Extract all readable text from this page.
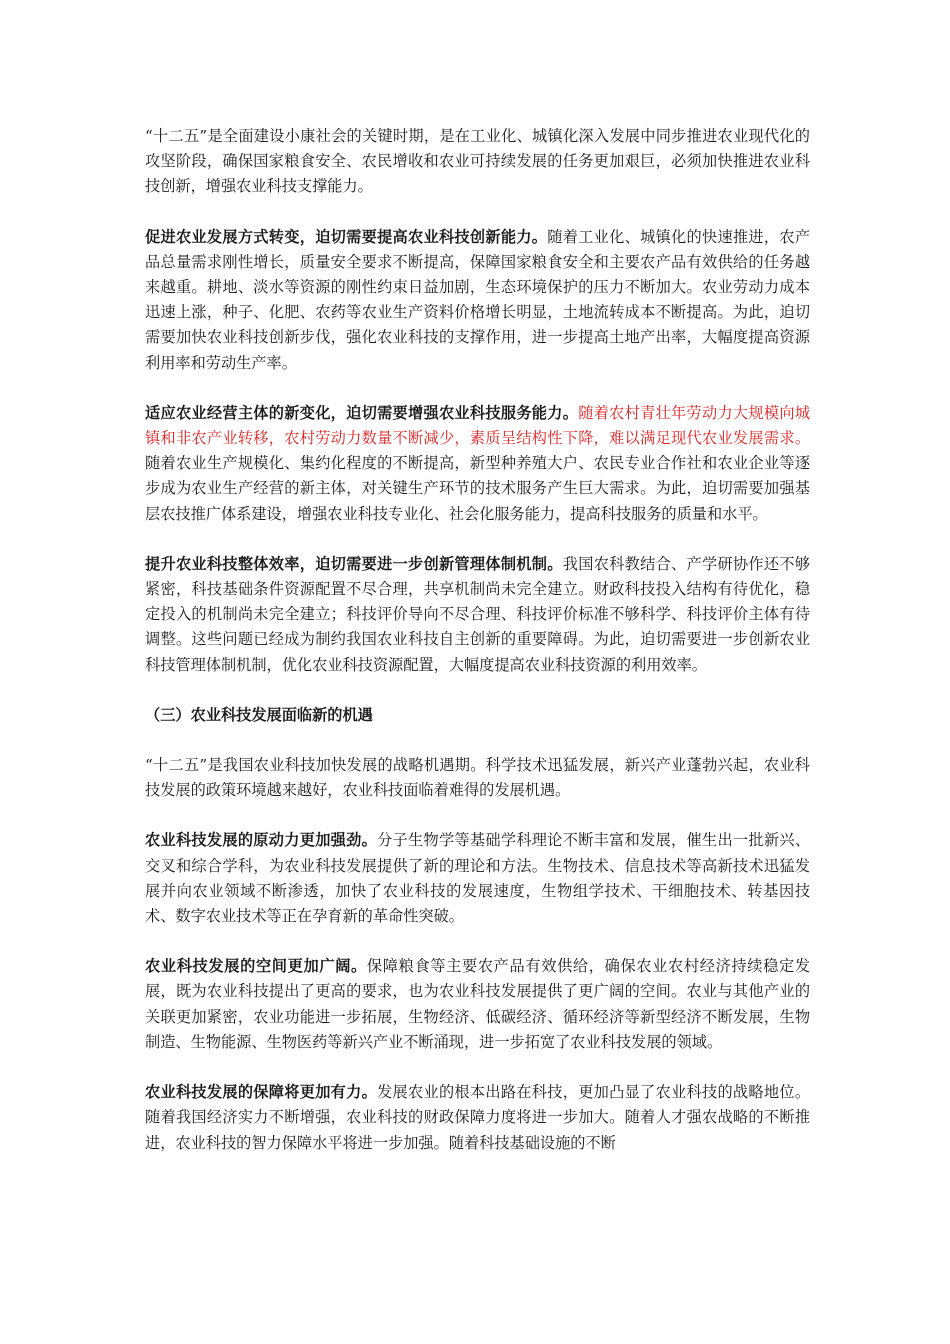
“十二五”是全面建设小康社会的关键时期，是在工业化、城镇化深入发展中同步推进农业现代化的攻坚阶段，确保国家粮食安全、农民增收和农业可持续发展的任务更加艰巨，必须加快推进农业科技创新，增强农业科技支撑能力。

促进农业发展方式转变，迫切需要提高农业科技创新能力。随着工业化、城镇化的快速推进，农产品总量需求刚性增长，质量安全要求不断提高，保障国家粮食安全和主要农产品有效供给的任务越来越重。耕地、淡水等资源的刚性约束日益加剧，生态环境保护的压力不断加大。农业劳动力成本迅速上涨，种子、化肥、农药等农业生产资料价格增长明显，土地流转成本不断提高。为此，迫切需要加快农业科技创新步伐，强化农业科技的支撑作用，进一步提高土地产出率，大幅度提高资源利用率和劳动生产率。

适应农业经营主体的新变化，迫切需要增强农业科技服务能力。随着农村青壮年劳动力大规模向城镇和非农产业转移，农村劳动力数量不断减少，素质呈结构性下降，难以满足现代农业发展需求。随着农业生产规模化、集约化程度的不断提高，新型种养殖大户、农民专业合作社和农业企业等逐步成为农业生产经营的新主体，对关键生产环节的技术服务产生巨大需求。为此，迫切需要加强基层农技推广体系建设，增强农业科技专业化、社会化服务能力，提高科技服务的质量和水平。

提升农业科技整体效率，迫切需要进一步创新管理体制机制。我国农科教结合、产学研协作还不够紧密，科技基础条件资源配置不尽合理，共享机制尚未完全建立。财政科技投入结构有待优化，稳定投入的机制尚未完全建立；科技评价导向不尽合理、科技评价标准不够科学、科技评价主体有待调整。这些问题已经成为制约我国农业科技自主创新的重要障碍。为此，迫切需要进一步创新农业科技管理体制机制，优化农业科技资源配置，大幅度提高农业科技资源的利用效率。

（三）农业科技发展面临新的机遇

“十二五”是我国农业科技加快发展的战略机遇期。科学技术迅猛发展，新兴产业蓬勃兴起，农业科技发展的政策环境越来越好，农业科技面临着难得的发展机遇。

农业科技发展的原动力更加强劲。分子生物学等基础学科理论不断丰富和发展，催生出一批新兴、交叉和综合学科，为农业科技发展提供了新的理论和方法。生物技术、信息技术等高新技术迅猛发展并向农业领域不断渗透，加快了农业科技的发展速度，生物组学技术、干细胞技术、转基因技术、数字农业技术等正在孕育新的革命性突破。

农业科技发展的空间更加广阔。保障粮食等主要农产品有效供给，确保农业农村经济持续稳定发展，既为农业科技提出了更高的要求，也为农业科技发展提供了更广阔的空间。农业与其他产业的关联更加紧密，农业功能进一步拓展，生物经济、低碳经济、循环经济等新型经济不断发展，生物制造、生物能源、生物医药等新兴产业不断涌现，进一步拓宽了农业科技发展的领域。

农业科技发展的保障将更加有力。发展农业的根本出路在科技，更加凸显了农业科技的战略地位。随着我国经济实力不断增强，农业科技的财政保障力度将进一步加大。随着人才强农战略的不断推进，农业科技的智力保障水平将进一步加强。随着科技基础设施的不断
